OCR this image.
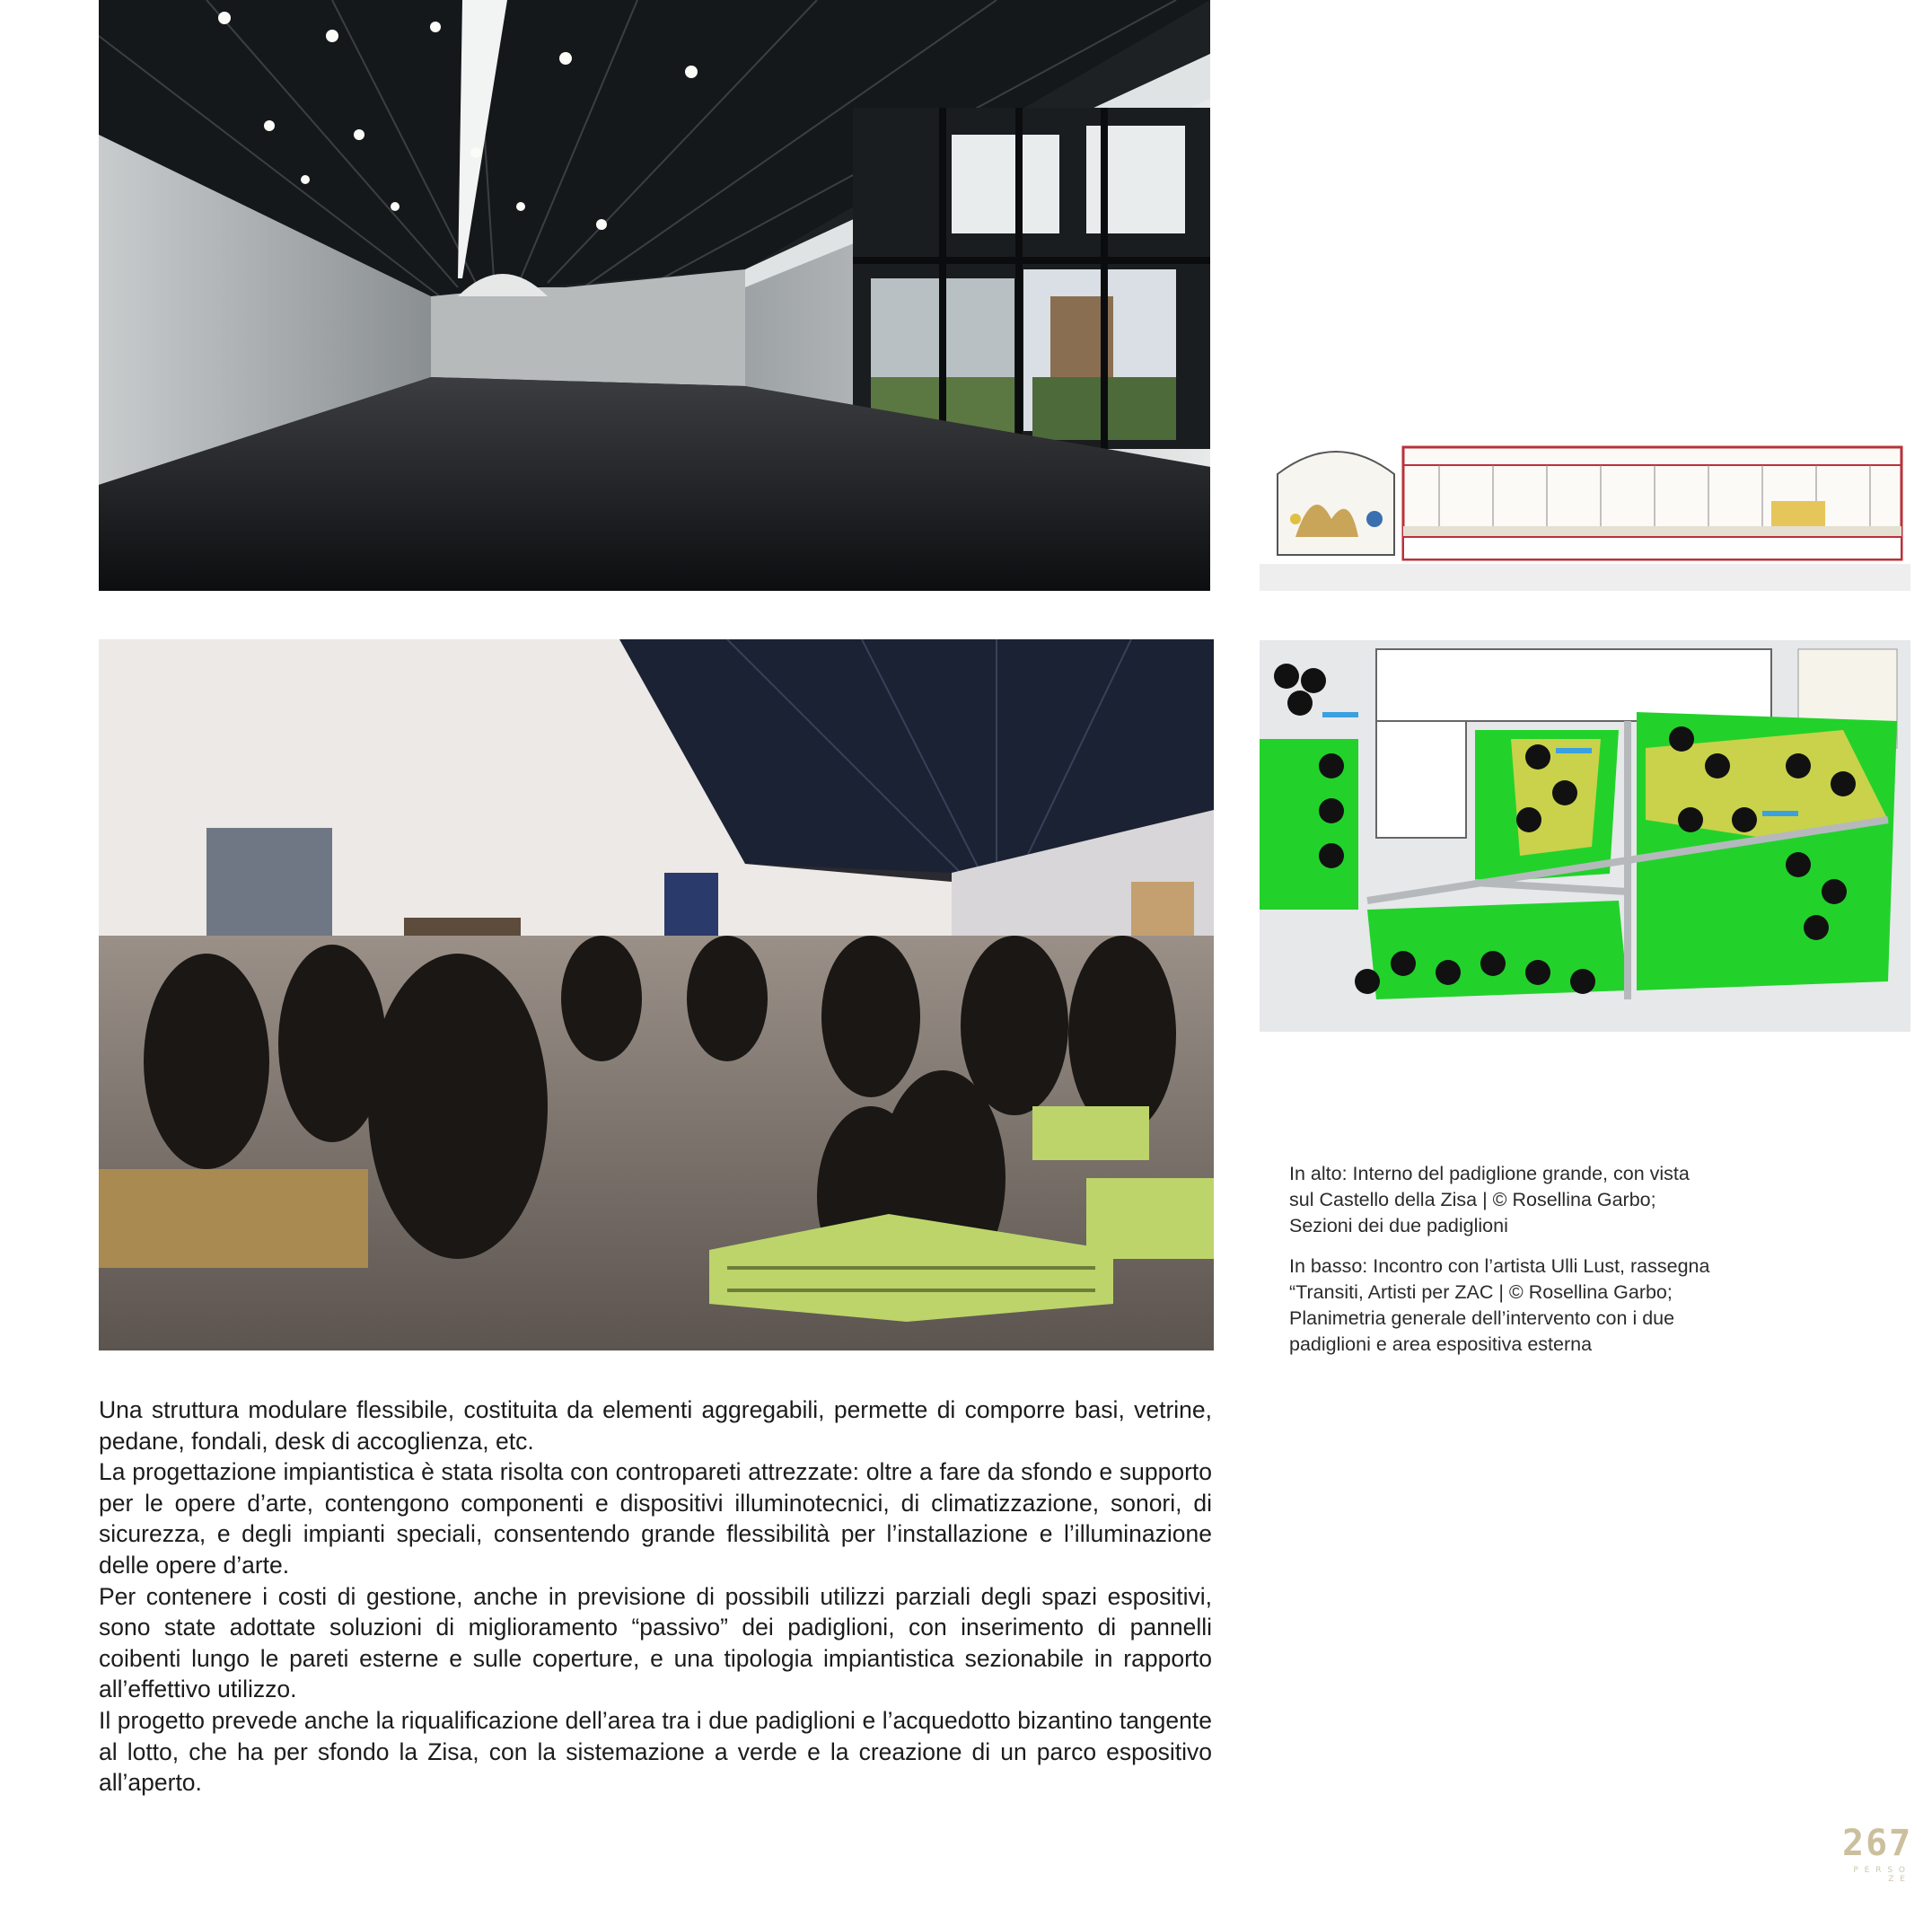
In alto: Interno del padiglione grande, con vista

sul Castello della Zisa | © Rosellina Garbo;

Sezioni dei due padiglioni

In basso: Incontro con l’artista Ulli Lust, rassegna

“Transiti, Artisti per ZAC | © Rosellina Garbo;

Planimetria generale dell’intervento con i due

padiglioni e area espositiva esterna

Una struttura modulare flessibile, costituita da elementi aggregabili, permette di comporre basi, vetrine, pedane, fondali, desk di accoglienza, etc.

La progettazione impiantistica è stata risolta con contropareti attrezzate: oltre a fare da sfondo e supporto per le opere d’arte, contengono componenti e dispositivi illuminotecnici, di climatizzazione, sonori, di sicurezza, e degli impianti speciali, consentendo grande flessibilità per l’installazione e l’illuminazione delle opere d’arte.

Per contenere i costi di gestione, anche in previsione di possibili utilizzi parziali degli spazi espositivi, sono state adottate soluzioni di miglioramento “passivo” dei padiglioni, con inserimento di pannelli coibenti lungo le pareti esterne e sulle coperture, e una tipologia impiantistica sezionabile in rapporto all’effettivo utilizzo.

Il progetto prevede anche la riqualificazione dell’area tra i due padiglioni e l’acquedotto bizantino tangente al lotto, che ha per sfondo la Zisa, con la sistemazione a verde e la creazione di un parco espositivo all’aperto.

267
P E R S O Z E
